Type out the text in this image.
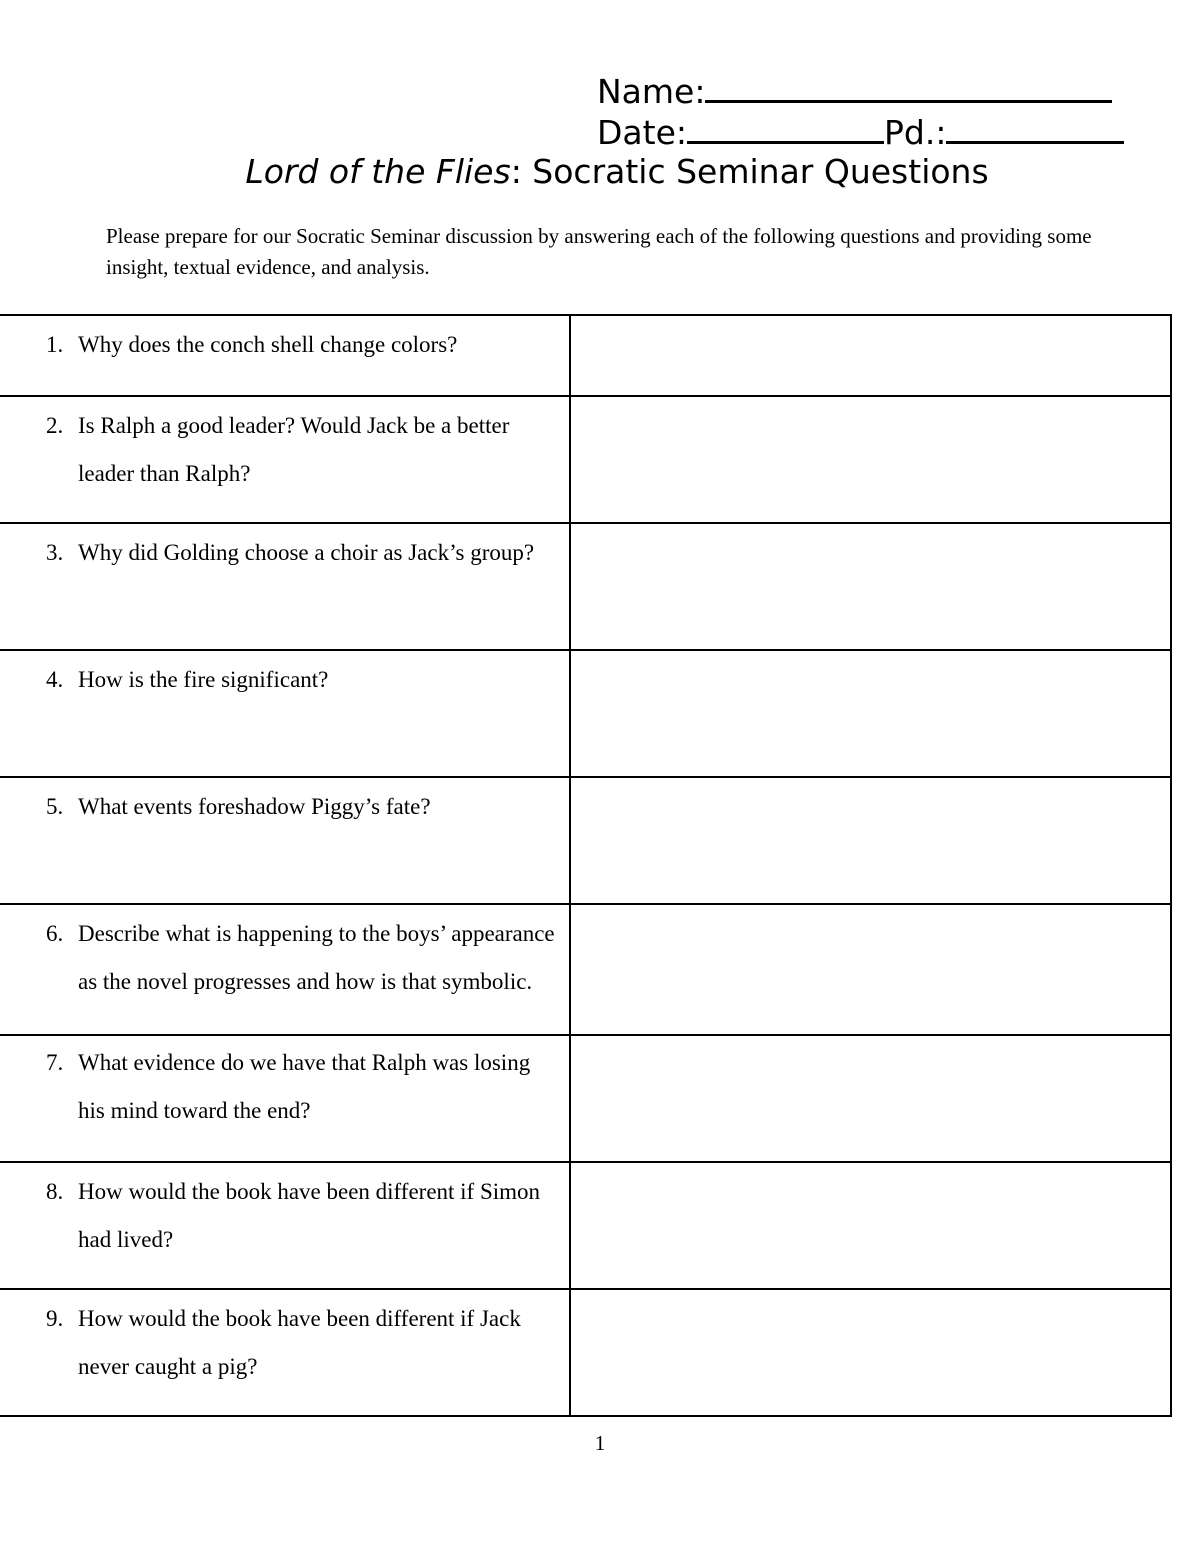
Name:
Date:	Pd.:
Lord of the Flies: Socratic Seminar Questions
Please prepare for our Socratic Seminar discussion by answering each of the following questions and providing some insight, textual evidence, and analysis.
1. Why does the conch shell change colors?	

2. Is Ralph a good leader? Would Jack be a better leader than Ralph?	

3. Why did Golding choose a choir as Jack’s group?	

4. How is the fire significant?	

5. What events foreshadow Piggy’s fate?	

6. Describe what is happening to the boys’ appearance as the novel progresses and how is that symbolic.	

7. What evidence do we have that Ralph was losing his mind toward the end?	

8. How would the book have been different if Simon had lived?	

9. How would the book have been different if Jack never caught a pig?	

1
